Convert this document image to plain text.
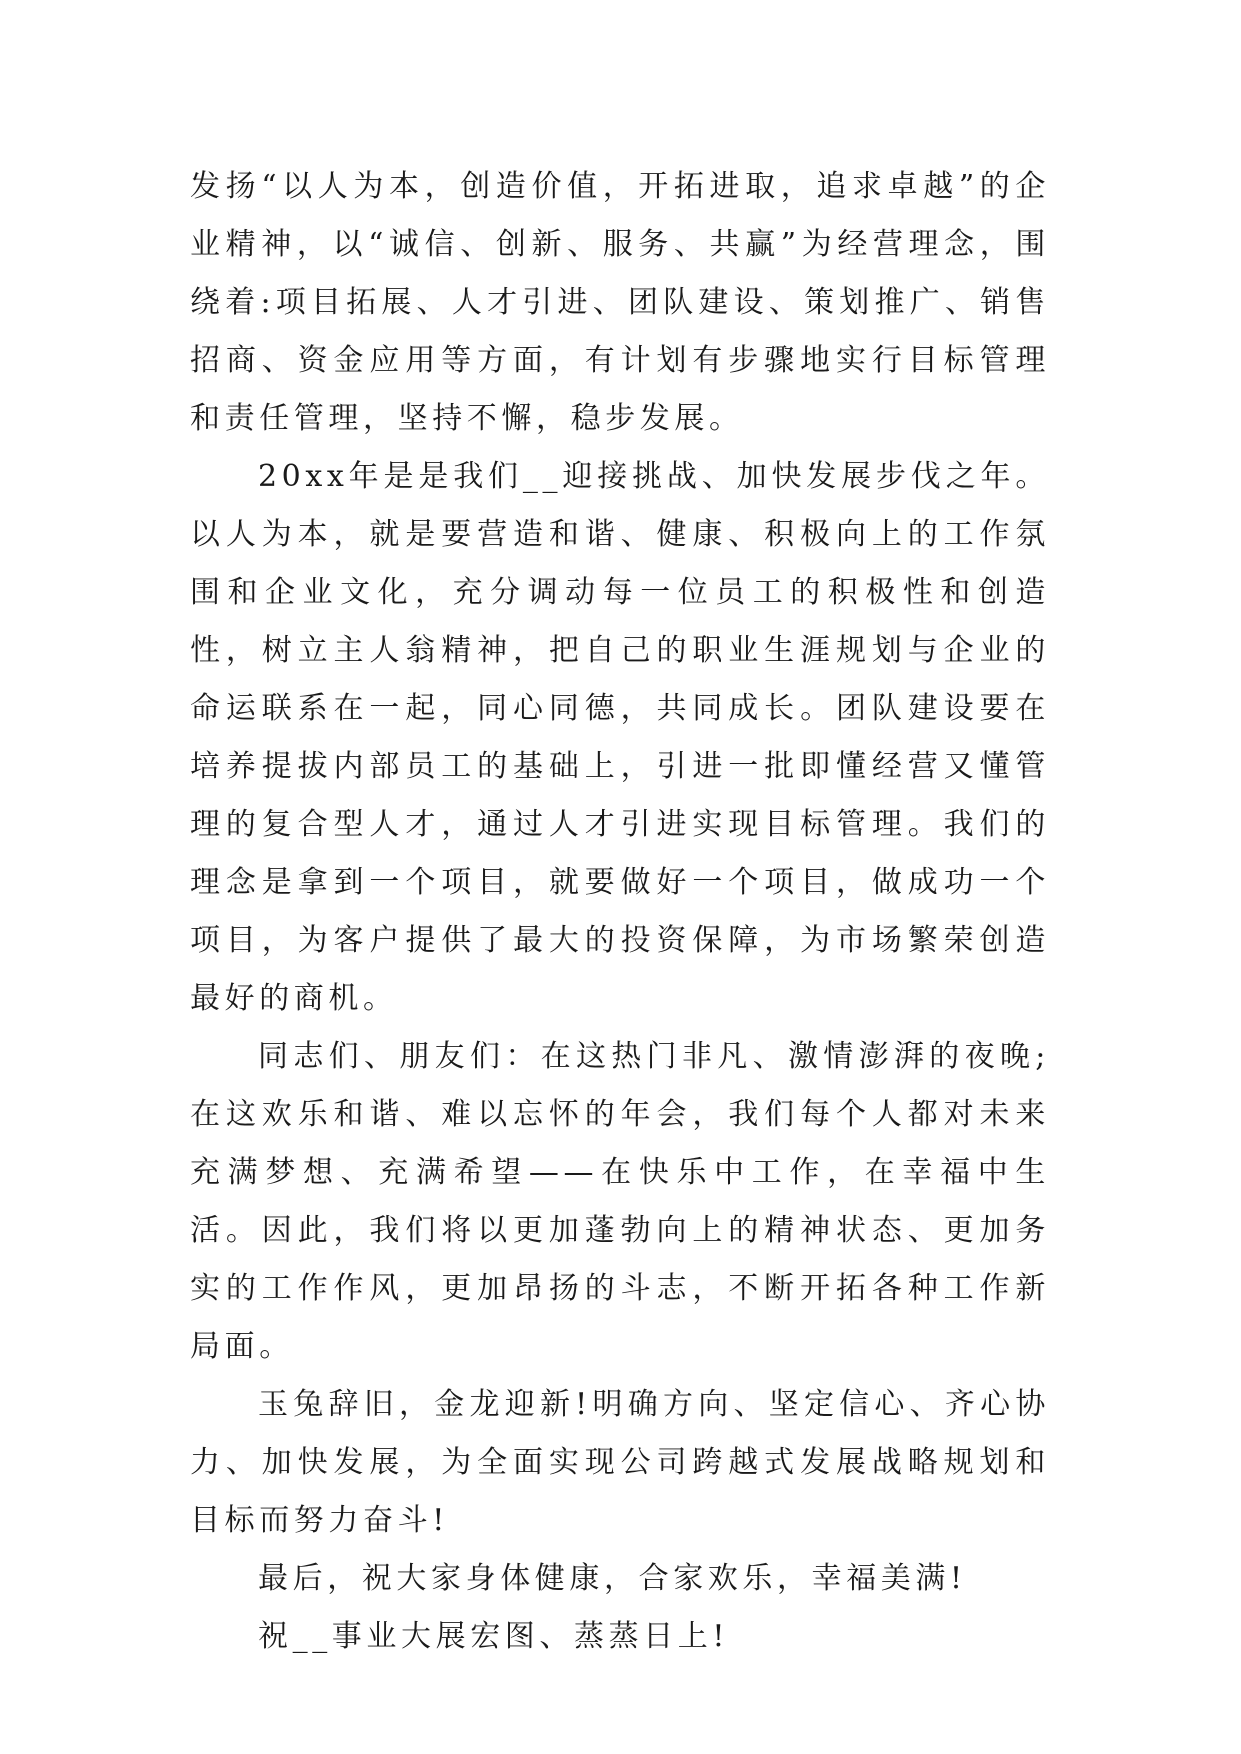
发扬“以人为本，创造价值，开拓进取，追求卓越”的企业精神，以“诚信、创新、服务、共赢”为经营理念，围绕着:项目拓展、人才引进、团队建设、策划推广、销售招商、资金应用等方面，有计划有步骤地实行目标管理和责任管理，坚持不懈，稳步发展。

20xx年是是我们__迎接挑战、加快发展步伐之年。以人为本，就是要营造和谐、健康、积极向上的工作氛围和企业文化，充分调动每一位员工的积极性和创造性，树立主人翁精神，把自己的职业生涯规划与企业的命运联系在一起，同心同德，共同成长。团队建设要在培养提拔内部员工的基础上，引进一批即懂经营又懂管理的复合型人才，通过人才引进实现目标管理。我们的理念是拿到一个项目，就要做好一个项目，做成功一个项目，为客户提供了最大的投资保障，为市场繁荣创造最好的商机。

同志们、朋友们：在这热门非凡、激情澎湃的夜晚;在这欢乐和谐、难以忘怀的年会，我们每个人都对未来充满梦想、充满希望——在快乐中工作，在幸福中生活。因此，我们将以更加蓬勃向上的精神状态、更加务实的工作作风，更加昂扬的斗志，不断开拓各种工作新局面。

玉兔辞旧，金龙迎新!明确方向、坚定信心、齐心协力、加快发展，为全面实现公司跨越式发展战略规划和目标而努力奋斗!

最后，祝大家身体健康，合家欢乐，幸福美满!

祝__事业大展宏图、蒸蒸日上!
